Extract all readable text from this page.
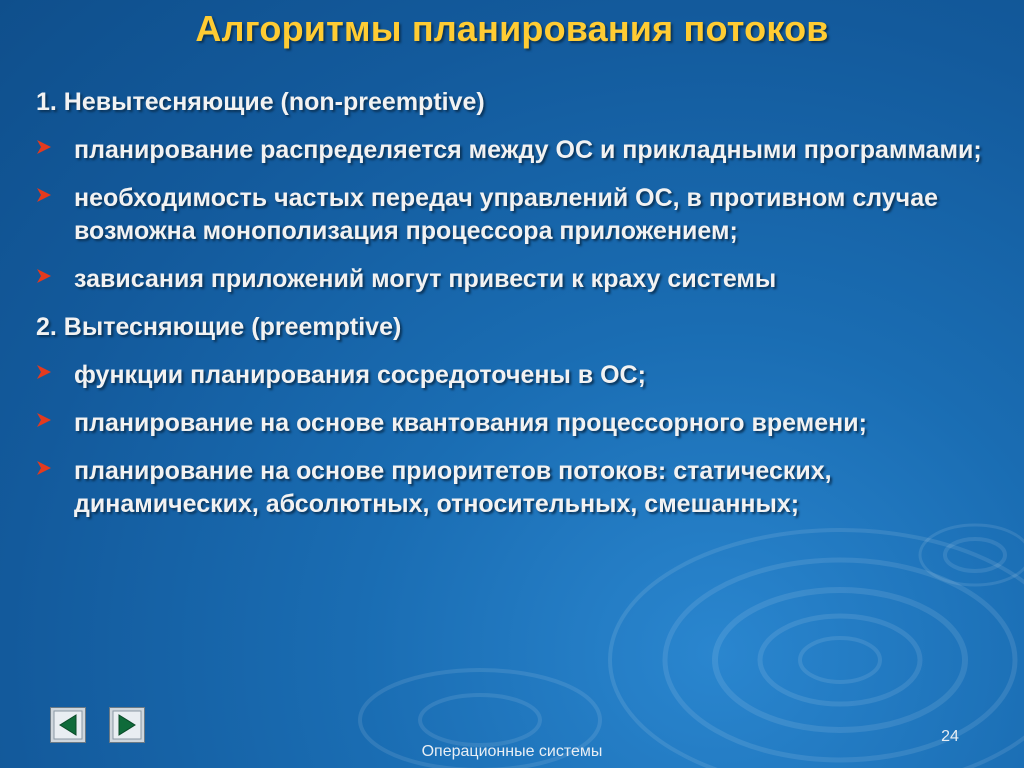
Алгоритмы планирования потоков
1. Невытесняющие (non-preemptive)
планирование распределяется между ОС и прикладными программами;
необходимость частых передач управлений ОС, в противном случае возможна монополизация процессора приложением;
зависания приложений могут привести к краху системы
2. Вытесняющие (preemptive)
функции планирования сосредоточены в ОС;
планирование на основе квантования процессорного времени;
планирование на основе приоритетов потоков: статических, динамических, абсолютных, относительных, смешанных;
24
Операционные системы
